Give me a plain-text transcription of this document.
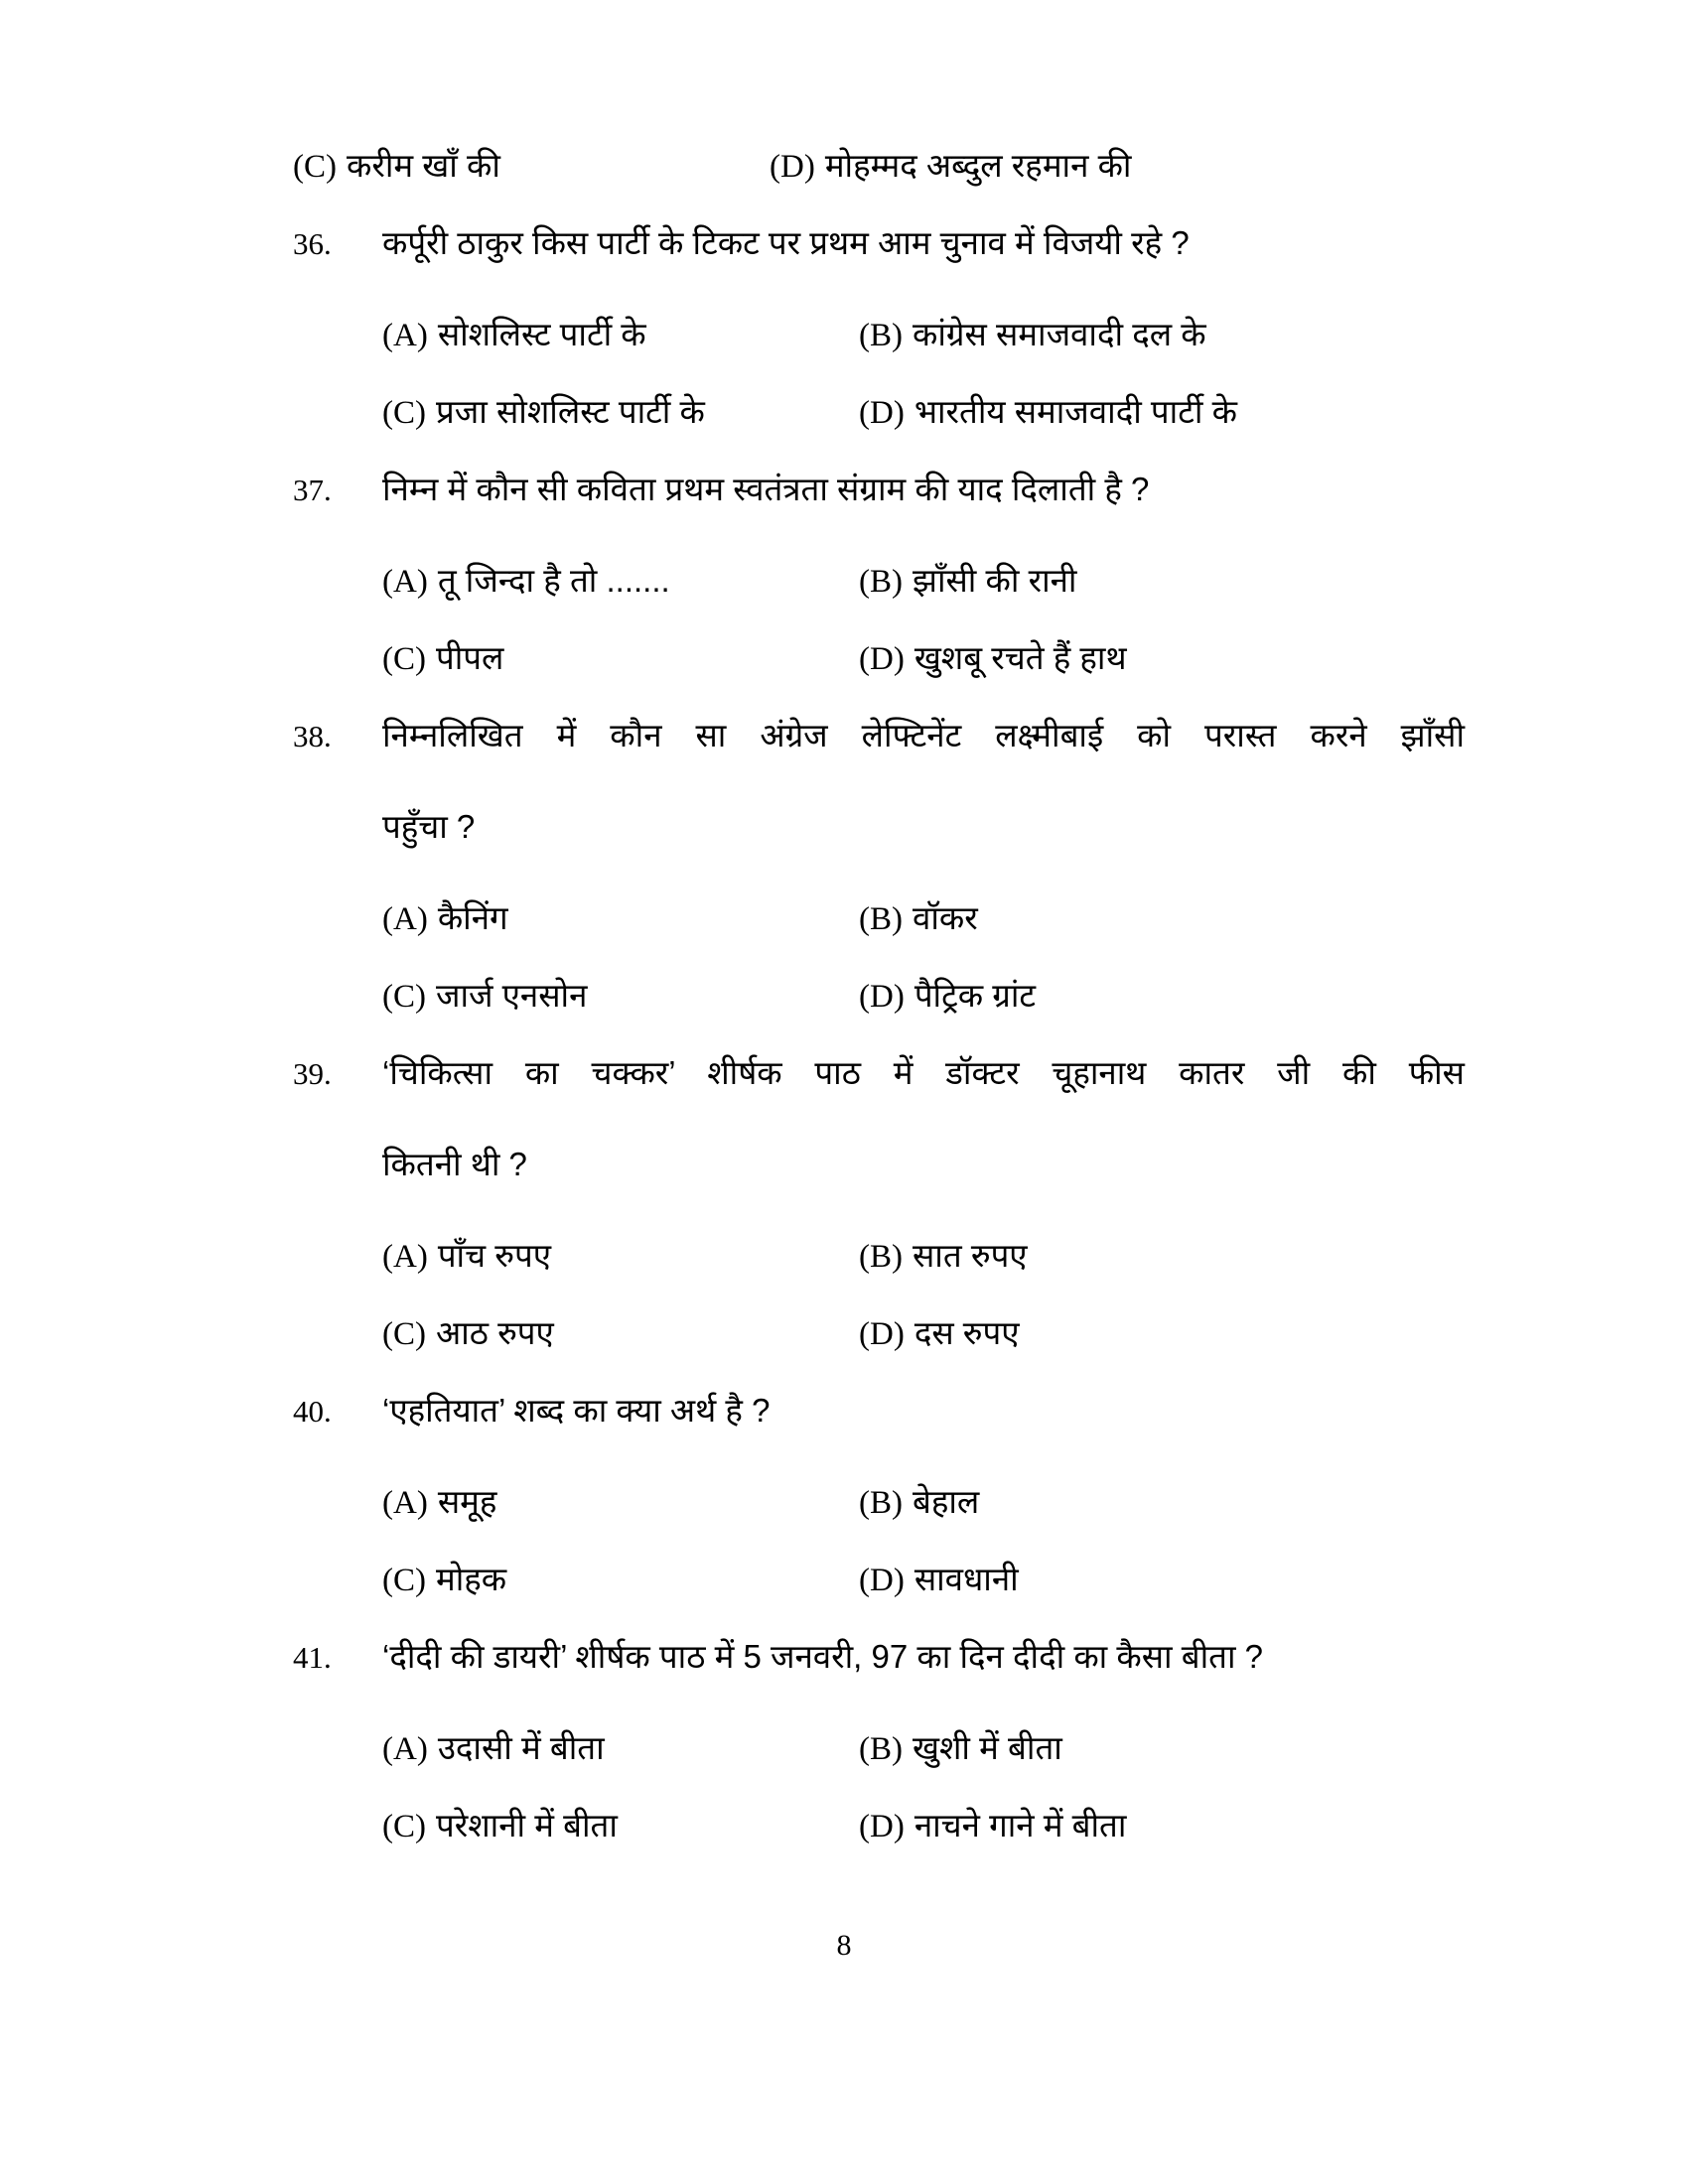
(C) करीम खाँ की	(D) मोहम्मद अब्दुल रहमान की
36.	कर्पूरी ठाकुर किस पार्टी के टिकट पर प्रथम आम चुनाव में विजयी रहे ?
(A) सोशलिस्ट पार्टी के	(B) कांग्रेस समाजवादी दल के
(C) प्रजा सोशलिस्ट पार्टी के	(D) भारतीय समाजवादी पार्टी के
37.	निम्न में कौन सी कविता प्रथम स्वतंत्रता संग्राम की याद दिलाती है ?
(A) तू जिन्दा है तो .......	(B) झाँसी की रानी
(C) पीपल	(D) खुशबू रचते हैं हाथ
38.	निम्नलिखित में कौन सा अंग्रेज लेफ्टिनेंट लक्ष्मीबाई को परास्त करने झाँसी
पहुँचा ?
(A) कैनिंग	(B) वॉकर
(C) जार्ज एनसोन	(D) पैट्रिक ग्रांट
39.	‘चिकित्सा का चक्कर’ शीर्षक पाठ में डॉक्टर चूहानाथ कातर जी की फीस
कितनी थी ?
(A) पाँच रुपए	(B) सात रुपए
(C) आठ रुपए	(D) दस रुपए
40.	‘एहतियात’ शब्द का क्या अर्थ है ?
(A) समूह	(B) बेहाल
(C) मोहक	(D) सावधानी
41.	‘दीदी की डायरी’ शीर्षक पाठ में 5 जनवरी, 97 का दिन दीदी का कैसा बीता ?
(A) उदासी में बीता	(B) खुशी में बीता
(C) परेशानी में बीता	(D) नाचने गाने में बीता
8
